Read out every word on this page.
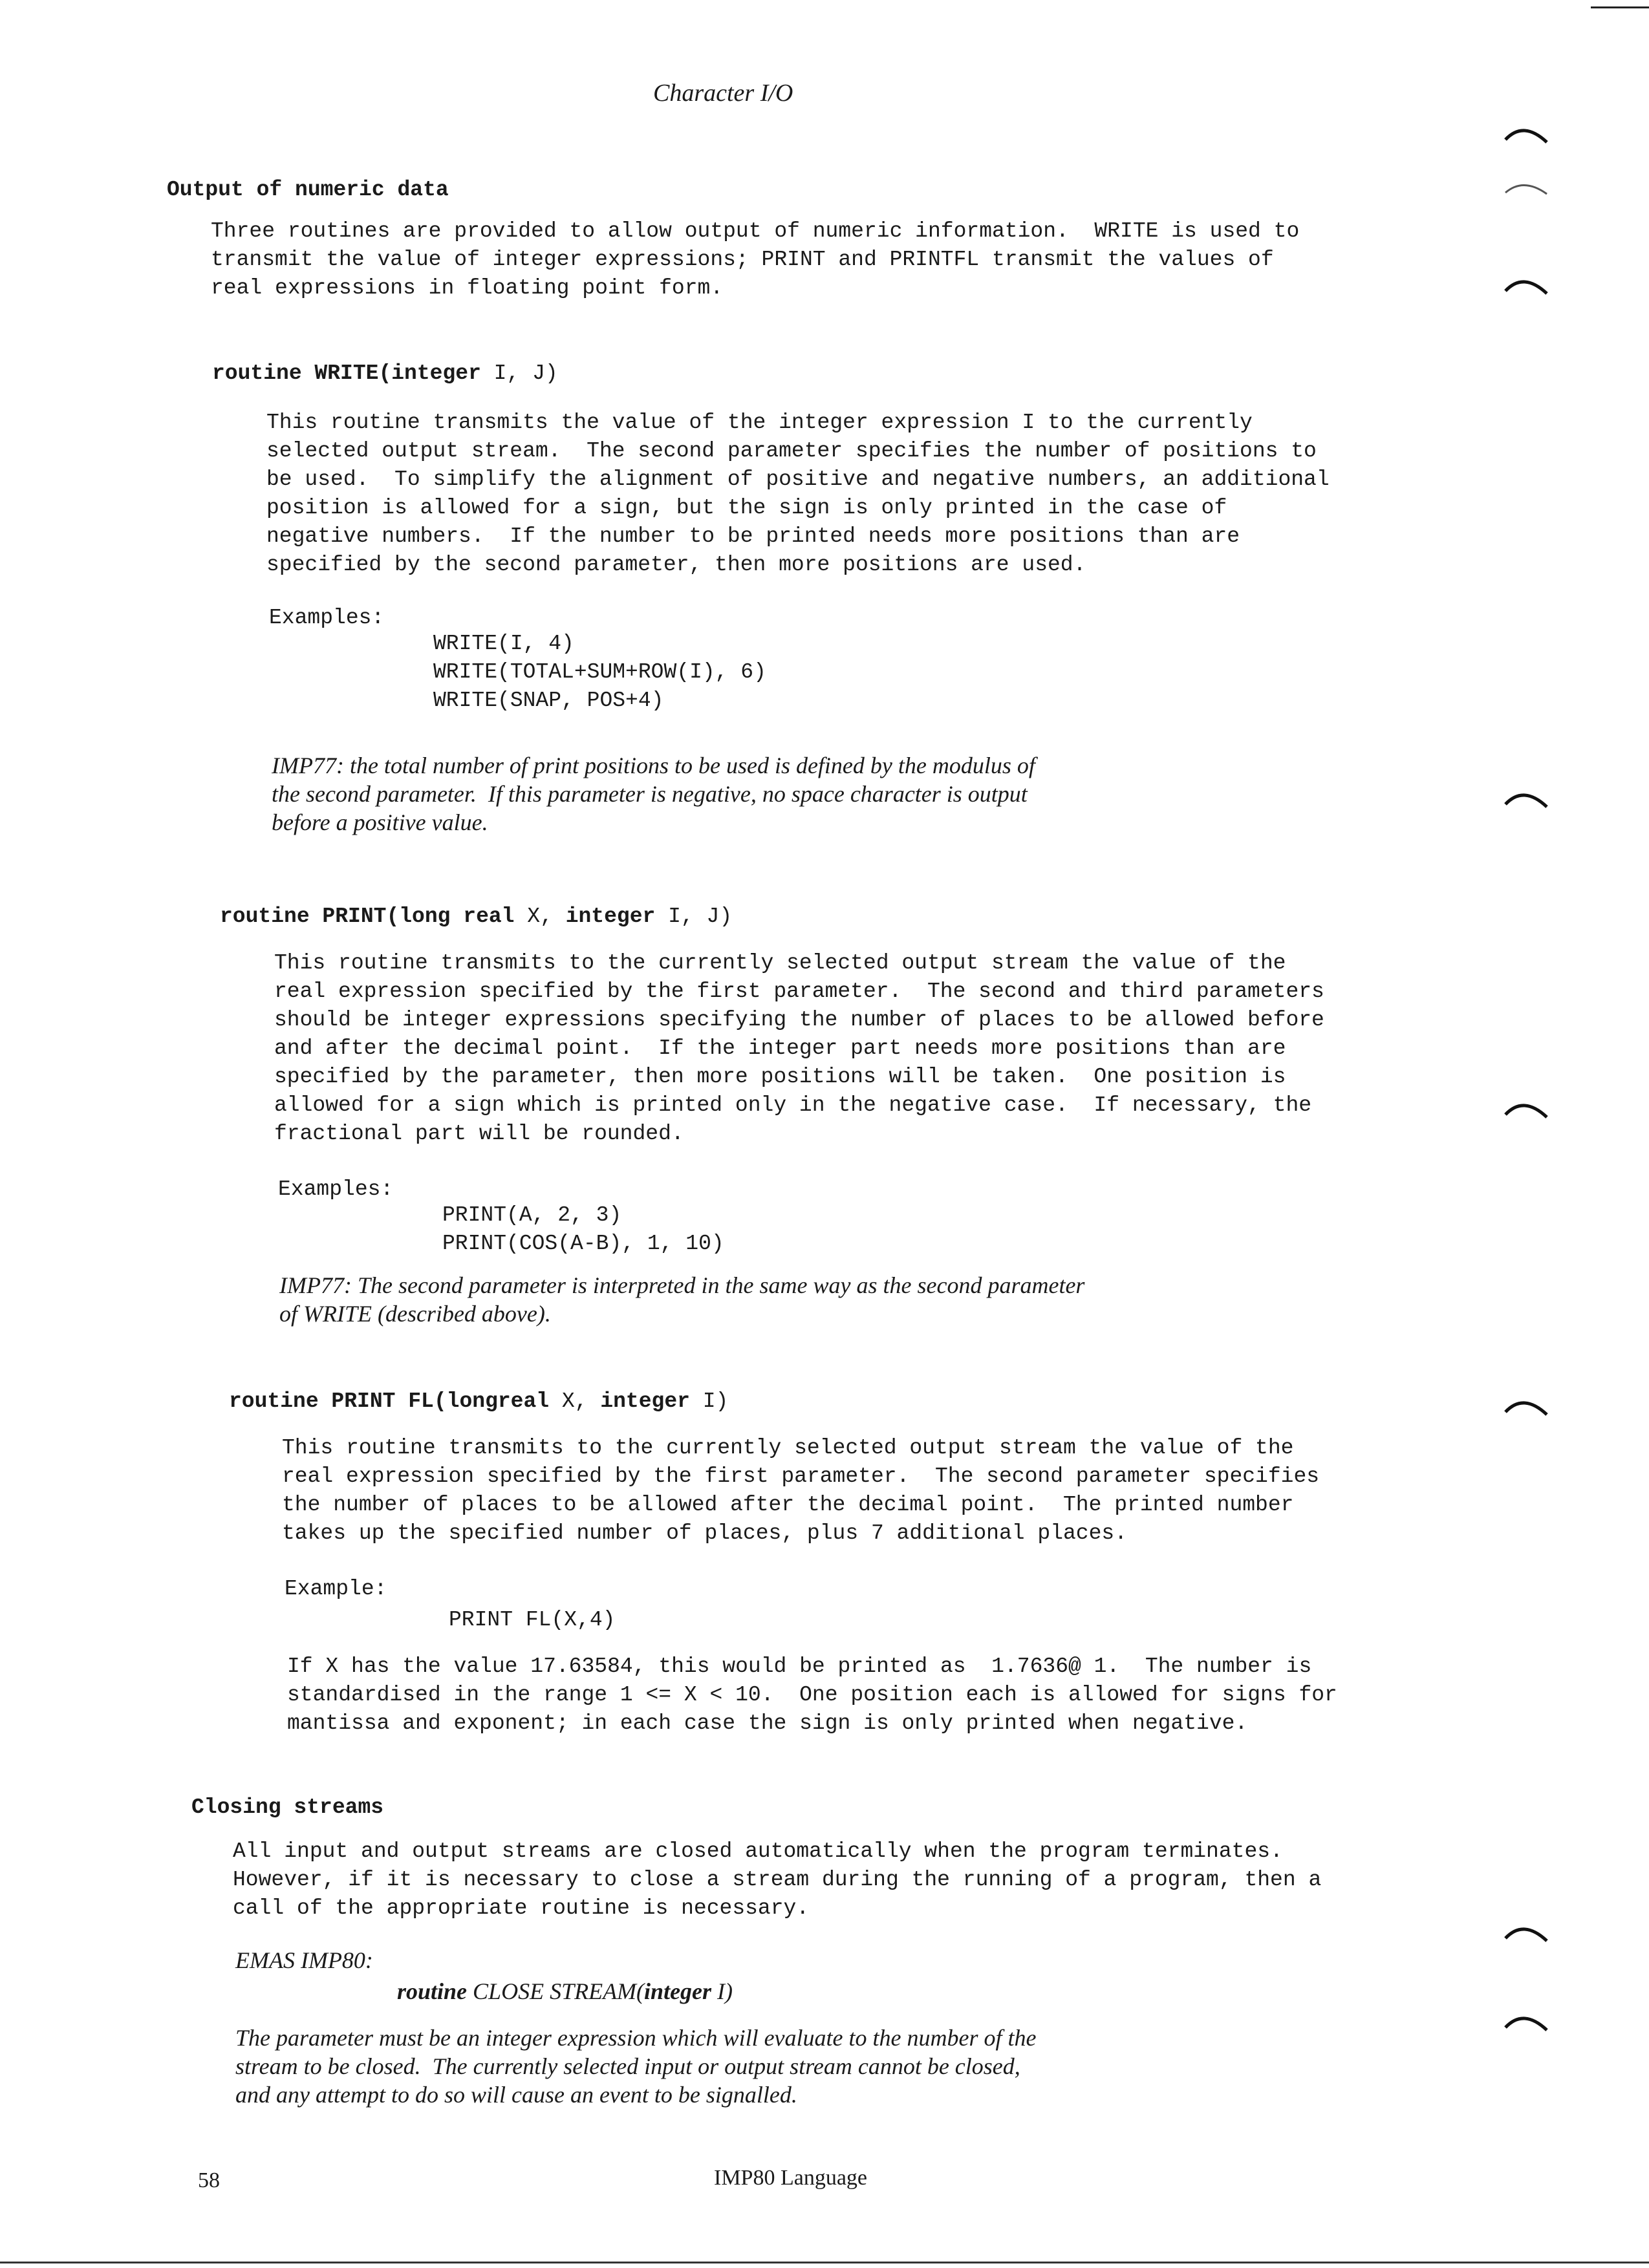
Character I/O
Output of numeric data
Three routines are provided to allow output of numeric information.  WRITE is used to
transmit the value of integer expressions; PRINT and PRINTFL transmit the values of
real expressions in floating point form.
routine WRITE(integer I, J)
This routine transmits the value of the integer expression I to the currently
selected output stream.  The second parameter specifies the number of positions to
be used.  To simplify the alignment of positive and negative numbers, an additional
position is allowed for a sign, but the sign is only printed in the case of
negative numbers.  If the number to be printed needs more positions than are
specified by the second parameter, then more positions are used.
Examples:
WRITE(I, 4)
WRITE(TOTAL+SUM+ROW(I), 6)
WRITE(SNAP, POS+4)
IMP77: the total number of print positions to be used is defined by the modulus of
the second parameter.  If this parameter is negative, no space character is output
before a positive value.
routine PRINT(long real X, integer I, J)
This routine transmits to the currently selected output stream the value of the
real expression specified by the first parameter.  The second and third parameters
should be integer expressions specifying the number of places to be allowed before
and after the decimal point.  If the integer part needs more positions than are
specified by the parameter, then more positions will be taken.  One position is
allowed for a sign which is printed only in the negative case.  If necessary, the
fractional part will be rounded.
Examples:
PRINT(A, 2, 3)
PRINT(COS(A-B), 1, 10)
IMP77: The second parameter is interpreted in the same way as the second parameter
of WRITE (described above).
routine PRINT FL(longreal X, integer I)
This routine transmits to the currently selected output stream the value of the
real expression specified by the first parameter.  The second parameter specifies
the number of places to be allowed after the decimal point.  The printed number
takes up the specified number of places, plus 7 additional places.
Example:
PRINT FL(X,4)
If X has the value 17.63584, this would be printed as  1.7636@ 1.  The number is
standardised in the range 1 <= X < 10.  One position each is allowed for signs for
mantissa and exponent; in each case the sign is only printed when negative.
Closing streams
All input and output streams are closed automatically when the program terminates.
However, if it is necessary to close a stream during the running of a program, then a
call of the appropriate routine is necessary.
EMAS IMP80:
routine CLOSE STREAM(integer I)
The parameter must be an integer expression which will evaluate to the number of the
stream to be closed.  The currently selected input or output stream cannot be closed,
and any attempt to do so will cause an event to be signalled.
58	IMP80 Language
